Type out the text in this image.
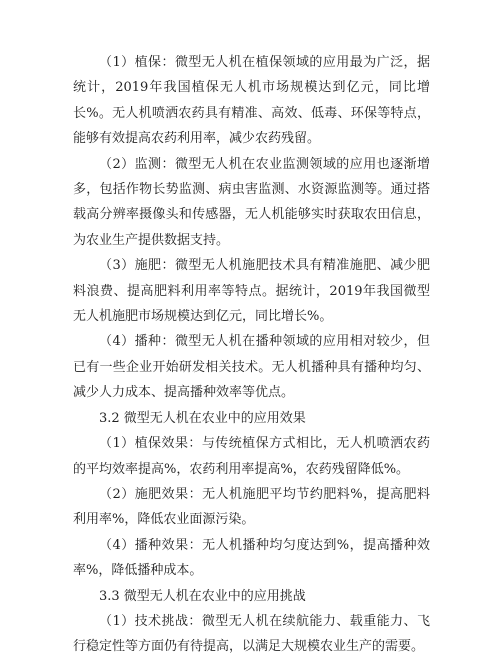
（1）植保：微型无人机在植保领域的应用最为广泛，据统计，2019年我国植保无人机市场规模达到亿元，同比增长%。无人机喷洒农药具有精准、高效、低毒、环保等特点，能够有效提高农药利用率，减少农药残留。

（2）监测：微型无人机在农业监测领域的应用也逐渐增多，包括作物长势监测、病虫害监测、水资源监测等。通过搭载高分辨率摄像头和传感器，无人机能够实时获取农田信息，为农业生产提供数据支持。

（3）施肥：微型无人机施肥技术具有精准施肥、减少肥料浪费、提高肥料利用率等特点。据统计，2019年我国微型无人机施肥市场规模达到亿元，同比增长%。

（4）播种：微型无人机在播种领域的应用相对较少，但已有一些企业开始研发相关技术。无人机播种具有播种均匀、减少人力成本、提高播种效率等优点。

3.2 微型无人机在农业中的应用效果

（1）植保效果：与传统植保方式相比，无人机喷洒农药的平均效率提高%，农药利用率提高%，农药残留降低%。

（2）施肥效果：无人机施肥平均节约肥料%，提高肥料利用率%，降低农业面源污染。

（4）播种效果：无人机播种均匀度达到%，提高播种效率%，降低播种成本。

3.3 微型无人机在农业中的应用挑战

（1）技术挑战：微型无人机在续航能力、载重能力、飞行稳定性等方面仍有待提高，以满足大规模农业生产的需要。
